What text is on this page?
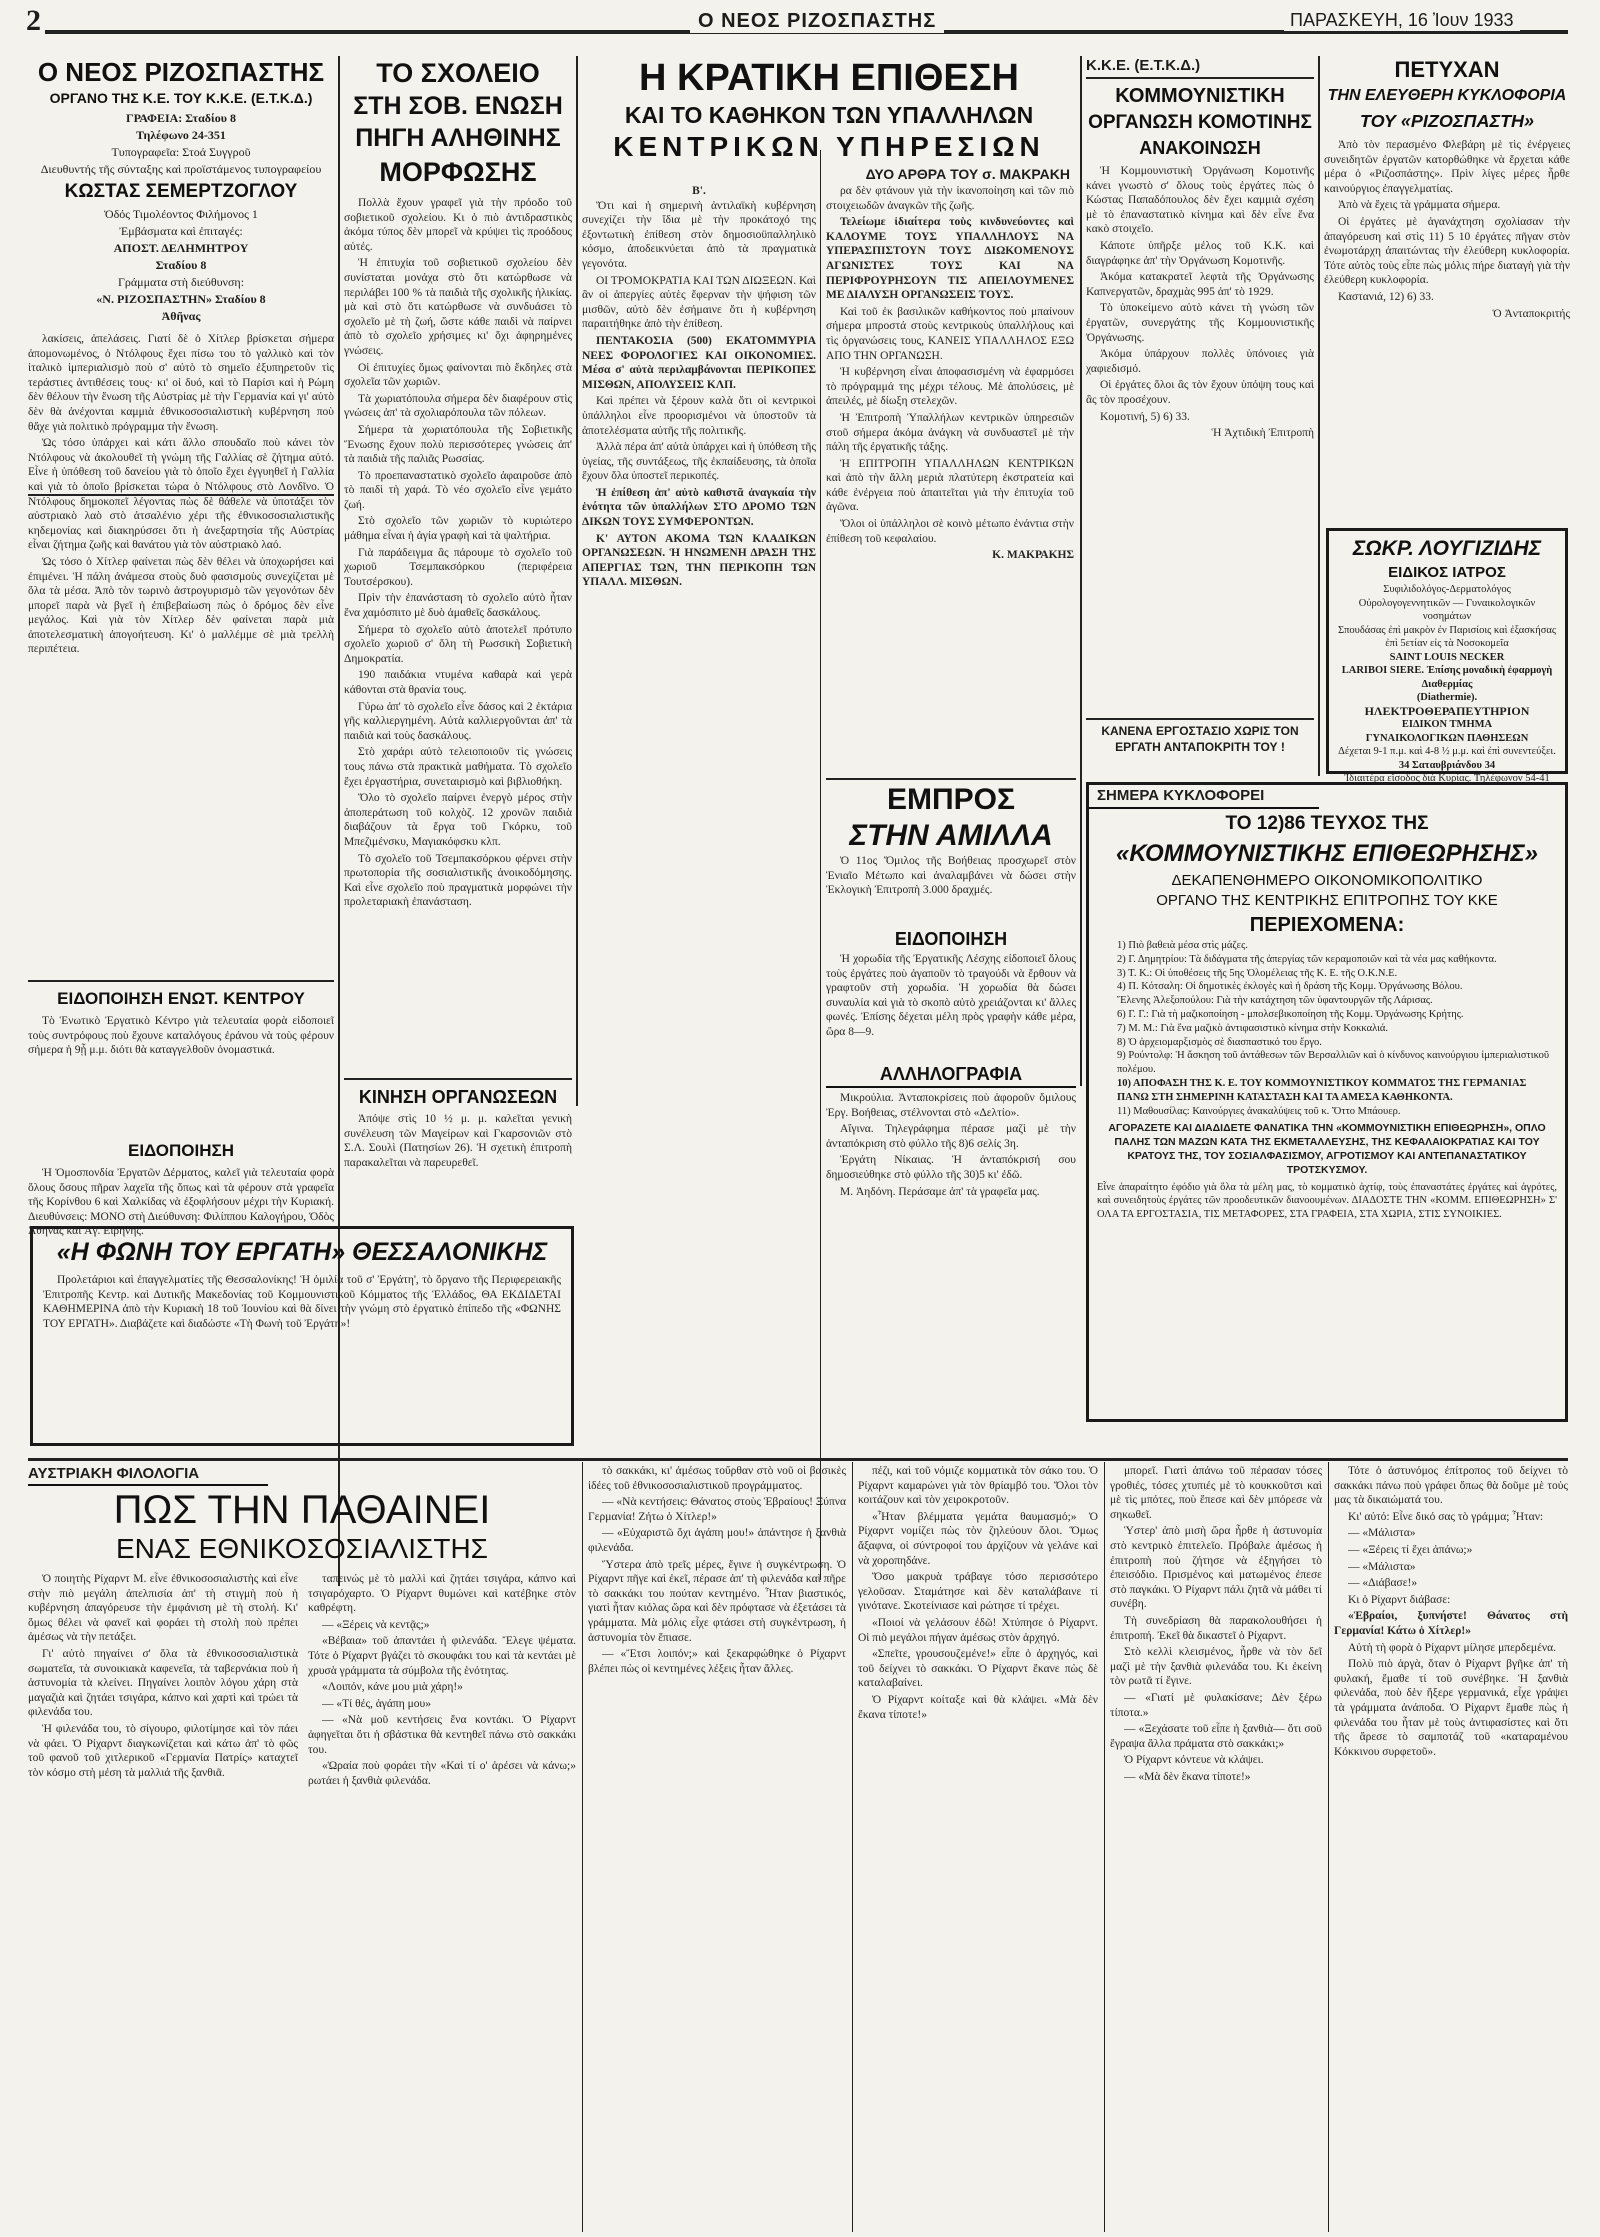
2	Ο ΝΕΟΣ ΡΙΖΟΣΠΑΣΤΗΣ	ΠΑΡΑΣΚΕΥΗ, 16 Ἰουν 1933
Ο ΝΕΟΣ ΡΙΖΟΣΠΑΣΤΗΣ
ΟΡΓΑΝΟ ΤΗΣ Κ.Ε. ΤΟΥ Κ.Κ.Ε. (Ε.Τ.Κ.Δ.)
ΓΡΑΦΕΙΑ: Σταδίου 8
Τηλέφωνο 24-351
Τυπογραφεῖα: Στοά Συγγροῦ
Διευθυντής τῆς σύνταξης καὶ προϊστάμενος τυπογραφείου
ΚΩΣΤΑΣ ΣΕΜΕΡΤΖΟΓΛΟΥ
Ὁδός Τιμολέοντος Φιλήμονος 1
Ἐμβάσματα καὶ ἐπιταγές:
ΑΠΟΣΤ. ΔΕΛΗΜΗΤΡΟΥ
Σταδίου 8
Γράμματα στὴ διεύθυνση:
«Ν. ΡΙΖΟΣΠΑΣΤΗΝ» Σταδίου 8
Ἀθῆνας

λακίσεις, ἀπελάσεις. Γιατί δὲ ὁ Χίτλερ βρίσκεται σήμερα ἀπομονωμένος, ὁ Ντόλφους ἔχει πίσω του τὸ γαλλικὸ καὶ τὸν ἰταλικὸ ἰμπεριαλισμὸ ποὺ σ' αὐτὸ τὸ σημεῖο ἐξυπηρετοῦν τὶς τεράστιες ἀντιθέσεις τους· κι' οἱ δυό, καὶ τὸ Παρίσι καὶ ἡ Ρώμη δὲν θέλουν τὴν ἕνωση τῆς Αὐστρίας μὲ τὴν Γερμανία καὶ γι' αὐτὸ δὲν θὰ ἀνέχονται καμμιὰ ἐθνικοσοσιαλιστικὴ κυβέρνηση ποὺ θἄχε γιὰ πολιτικὸ πρόγραμμα τὴν ἕνωση.

Ὡς τόσο ὑπάρχει καὶ κάτι ἄλλο σπουδαῖο ποὺ κάνει τὸν Ντόλφους νὰ ἀκολουθεῖ τὴ γνώμη τῆς Γαλλίας σὲ ζήτημα αὐτό. Εἶνε ἡ ὑπόθεση τοῦ δανείου γιὰ τὸ ὁποῖο ἔχει ἐγγυηθεῖ ἡ Γαλλία καὶ γιὰ τὸ ὁποῖο βρίσκεται τώρα ὁ Ντόλφους στὸ Λονδῖνο. Ὁ Ντόλφους δημοκοπεῖ λέγοντας πὼς δὲ θάθελε νὰ ὑποτάξει τὸν αὐστριακὸ λαὸ στὸ ἀτσαλένιο χέρι τῆς ἐθνικοσοσιαλιστικῆς κηδεμονίας καὶ διακηρύσσει ὅτι ἡ ἀνεξαρτησία τῆς Αὐστρίας εἶναι ζήτημα ζωῆς καὶ θανάτου γιὰ τὸν αὐστριακὸ λαό.

Ὡς τόσο ὁ Χίτλερ φαίνεται πὼς δὲν θέλει νὰ ὑποχωρήσει καὶ ἐπιμένει. Ἡ πάλη ἀνάμεσα στοὺς δυὸ φασισμοὺς συνεχίζεται μὲ ὅλα τὰ μέσα. Ἀπὸ τὸν τωρινὸ ἀστρογυρισμὸ τῶν γεγονότων δὲν μπορεῖ παρὰ νὰ βγεῖ ἡ ἐπιβεβαίωση πὼς ὁ δρόμος δὲν εἶνε μεγάλος. Καὶ γιὰ τὸν Χίτλερ δὲν φαίνεται παρὰ μιὰ ἀποτελεσματικὴ ἀπογοήτευση. Κι' ὁ μαλλέμμε σὲ μιὰ τρελλὴ περιπέτεια.

ΕΙΔΟΠΟΙΗΣΗ ΕΝΩΤ. ΚΕΝΤΡΟΥ
Τὸ Ἑνωτικὸ Ἐργατικὸ Κέντρο γιὰ τελευταία φορὰ εἰδοποιεῖ τοὺς συντρόφους ποὺ ἔχουνε καταλόγους ἐράνου νὰ τοὺς φέρουν σήμερα ἡ 9ᾗ μ.μ. διότι θὰ καταγγελθοῦν ὀνομαστικά.
ΕΙΔΟΠΟΙΗΣΗ
Ἡ Ὁμοσπονδία Ἐργατῶν Δέρματος, καλεῖ γιὰ τελευταία φορὰ ὅλους ὅσους πῆραν λαχεῖα τῆς ὅπως καὶ τὰ φέρουν στὰ γραφεῖα τῆς Κορίνθου 6 καὶ Χαλκίδας νὰ ἐξοφλήσουν μέχρι τὴν Κυριακή. Διευθύνσεις: ΜΟΝΟ στὴ Διεύθυνση: Φιλίππου Καλογήρου, Ὁδὸς Ἀθηνᾶς καὶ Ἀγ. Εἰρήνης.
ΤΟ ΣΧΟΛΕΙΟ
ΣΤΗ ΣΟΒ. ΕΝΩΣΗ
ΠΗΓΗ ΑΛΗΘΙΝΗΣ
ΜΟΡΦΩΣΗΣ

Πολλὰ ἔχουν γραφεῖ γιὰ τὴν πρόοδο τοῦ σοβιετικοῦ σχολείου. Κι ὁ πιὸ ἀντιδραστικὸς ἀκόμα τύπος δὲν μπορεῖ νὰ κρύψει τὶς προόδους αὐτές.

Ἡ ἐπιτυχία τοῦ σοβιετικοῦ σχολείου δὲν συνίσταται μονάχα στὸ ὅτι κατώρθωσε νὰ περιλάβει 100 % τὰ παιδιὰ τῆς σχολικῆς ἡλικίας. μὰ καὶ στὸ ὅτι κατώρθωσε νὰ συνδυάσει τὸ σχολεῖο μὲ τὴ ζωή, ὥστε κάθε παιδὶ νὰ παίρνει ἀπὸ τὸ σχολεῖο χρήσιμες κι' ὄχι ἀφηρημένες γνώσεις.

Οἱ ἐπιτυχίες ὅμως φαίνονται πιὸ ἔκδηλες στὰ σχολεῖα τῶν χωριῶν.

Τὰ χωριατόπουλα σήμερα δὲν διαφέρουν στὶς γνώσεις ἀπ' τὰ σχολιαρόπουλα τῶν πόλεων.

Σήμερα τὰ χωριατόπουλα τῆς Σοβιετικῆς Ἕνωσης ἔχουν πολὺ περισσότερες γνώσεις ἀπ' τὰ παιδιὰ τῆς παλιᾶς Ρωσσίας.

Τὸ προεπαναστατικὸ σχολεῖο ἀφαιροῦσε ἀπὸ τὸ παιδὶ τὴ χαρά. Τὸ νέο σχολεῖο εἶνε γεμάτο ζωή.

Στὸ σχολεῖο τῶν χωριῶν τὸ κυριώτερο μάθημα εἶναι ἡ ἁγία γραφὴ καὶ τὰ ψαλτήρια.

Γιὰ παράδειγμα ἂς πάρουμε τὸ σχολεῖο τοῦ χωριοῦ Τσεμπακσόρκου (περιφέρεια Τουτσέρσκου).

Πρὶν τὴν ἐπανάσταση τὸ σχολεῖο αὐτὸ ἦταν ἕνα χαμόσπιτο μὲ δυὸ ἀμαθεῖς δασκάλους.

Σήμερα τὸ σχολεῖο αὐτὸ ἀποτελεῖ πρότυπο σχολεῖο χωριοῦ σ' ὅλη τὴ Ρωσσικὴ Σοβιετικὴ Δημοκρατία.

190 παιδάκια ντυμένα καθαρὰ καὶ γερὰ κάθονται στὰ θρανία τους.

Γύρω ἀπ' τὸ σχολεῖο εἶνε δάσος καὶ 2 ἐκτάρια γῆς καλλιεργημένη. Αὐτὰ καλλιεργοῦνται ἀπ' τὰ παιδιὰ καὶ τοὺς δασκάλους.

Στὸ χαράρι αὐτὸ τελειοποιοῦν τὶς γνώσεις τους πάνω στὰ πρακτικὰ μαθήματα. Τὸ σχολεῖο ἔχει ἐργαστήρια, συνεταιρισμὸ καὶ βιβλιοθήκη.

Ὅλο τὸ σχολεῖο παίρνει ἐνεργὸ μέρος στὴν ἀποπεράτωση τοῦ κολχὸζ. 12 χρονῶν παιδιὰ διαβάζουν τὰ ἔργα τοῦ Γκόρκυ, τοῦ Μπεζιμένσκυ, Μαγιακόφσκυ κλπ.

Τὸ σχολεῖο τοῦ Τσεμπακσόρκου φέρνει στὴν πρωτοπορία τῆς σοσιαλιστικῆς ἀνοικοδόμησης. Καὶ εἶνε σχολεῖο ποὺ πραγματικὰ μορφώνει τὴν προλεταριακὴ ἐπανάσταση.

ΚΙΝΗΣΗ ΟΡΓΑΝΩΣΕΩΝ
Ἀπόψε στὶς 10 ½ μ. μ. καλεῖται γενικὴ συνέλευση τῶν Μαγείρων καὶ Γκαρσονιῶν στὸ Σ.Λ. Σουλὶ (Πατησίων 26). Ἡ σχετικὴ ἐπιτροπὴ παρακαλεῖται νὰ παρευρεθεῖ.
«Η ΦΩΝΗ ΤΟΥ ΕΡΓΑΤΗ» ΘΕΣΣΑΛΟΝΙΚΗΣ
Προλετάριοι καὶ ἐπαγγελματίες τῆς Θεσσαλονίκης! Ἡ ὁμιλία τοῦ σ' Ἐργάτη', τὸ ὄργανο τῆς Περιφερειακῆς Ἐπιτροπῆς Κεντρ. καὶ Δυτικῆς Μακεδονίας τοῦ Κομμουνιστικοῦ Κόμματος τῆς Ἑλλάδος, ΘΑ ΕΚΔΙΔΕΤΑΙ ΚΑΘΗΜΕΡΙΝΑ ἀπὸ τὴν Κυριακὴ 18 τοῦ Ἰουνίου καὶ θὰ δίνει τὴν γνώμη στὸ ἐργατικὸ ἐπίπεδο τῆς «ΦΩΝΗΣ ΤΟΥ ΕΡΓΑΤΗ». Διαβάζετε καὶ διαδώστε «Τὴ Φωνὴ τοῦ Ἐργάτη»!
Η ΚΡΑΤΙΚΗ ΕΠΙΘΕΣΗ
ΚΑΙ ΤΟ ΚΑΘΗΚΟΝ ΤΩΝ ΥΠΑΛΛΗΛΩΝ
ΚΕΝΤΡΙΚΩΝ ΥΠΗΡΕΣΙΩΝ
ΔΥΟ ΑΡΘΡΑ ΤΟΥ σ. ΜΑΚΡΑΚΗ
Β'.

Ὅτι καὶ ἡ σημερινὴ ἀντιλαϊκὴ κυβέρνηση συνεχίζει τὴν ἴδια μὲ τὴν προκάτοχό της ἐξοντωτικὴ ἐπίθεση στὸν δημοσιοϋπαλληλικὸ κόσμο, ἀποδεικνύεται ἀπὸ τὰ πραγματικὰ γεγονότα.

ΟΙ ΤΡΟΜΟΚΡΑΤΙΑ ΚΑΙ ΤΩΝ ΔΙΩΞΕΩΝ. Καὶ ἂν οἱ ἀπεργίες αὐτὲς ἔφερναν τὴν ψήφιση τῶν μισθῶν, αὐτὸ δὲν ἐσήμαινε ὅτι ἡ κυβέρνηση παραιτήθηκε ἀπὸ τὴν ἐπίθεση.

ΠΕΝΤΑΚΟΣΙΑ (500) ΕΚΑΤΟΜΜΥΡΙΑ ΝΕΕΣ ΦΟΡΟΛΟΓΙΕΣ ΚΑΙ ΟΙΚΟΝΟΜΙΕΣ. Μέσα σ' αὐτὰ περιλαμβάνονται ΠΕΡΙΚΟΠΕΣ ΜΙΣΘΩΝ, ΑΠΟΛΥΣΕΙΣ ΚΛΠ.

Καὶ πρέπει νὰ ξέρουν καλὰ ὅτι οἱ κεντρικοὶ ὑπάλληλοι εἶνε προορισμένοι νὰ ὑποστοῦν τὰ ἀποτελέσματα αὐτῆς τῆς πολιτικῆς.

Ἀλλὰ πέρα ἀπ' αὐτὰ ὑπάρχει καὶ ἡ ὑπόθεση τῆς ὑγείας, τῆς συντάξεως, τῆς ἐκπαίδευσης, τὰ ὁποῖα ἔχουν ὅλα ὑποστεῖ περικοπές.

Ἡ ἐπίθεση ἀπ' αὐτὸ καθιστᾶ ἀναγκαία τὴν ἑνότητα τῶν ὑπαλλήλων ΣΤΟ ΔΡΟΜΟ ΤΩΝ ΔΙΚΩΝ ΤΟΥΣ ΣΥΜΦΕΡΟΝΤΩΝ.

Κ' ΑΥΤΟΝ ΑΚΟΜΑ ΤΩΝ ΚΛΑΔΙΚΩΝ ΟΡΓΑΝΩΣΕΩΝ. Ἡ ΗΝΩΜΕΝΗ ΔΡΑΣΗ ΤΗΣ ΑΠΕΡΓΙΑΣ ΤΩΝ, ΤΗΝ ΠΕΡΙΚΟΠΗ ΤΩΝ ΥΠΑΛΛ. ΜΙΣΘΩΝ.

ρα δὲν φτάνουν γιὰ τὴν ἱκανοποίηση καὶ τῶν πιὸ στοιχειωδῶν ἀναγκῶν τῆς ζωῆς.

Τελείωμε ἰδιαίτερα τοὺς κινδυνεύοντες καὶ ΚΑΛΟΥΜΕ ΤΟΥΣ ΥΠΑΛΛΗΛΟΥΣ ΝΑ ΥΠΕΡΑΣΠΙΣΤΟΥΝ ΤΟΥΣ ΔΙΩΚΟΜΕΝΟΥΣ ΑΓΩΝΙΣΤΕΣ ΤΟΥΣ ΚΑΙ ΝΑ ΠΕΡΙΦΡΟΥΡΗΣΟΥΝ ΤΙΣ ΑΠΕΙΛΟΥΜΕΝΕΣ ΜΕ ΔΙΑΛΥΣΗ ΟΡΓΑΝΩΣΕΙΣ ΤΟΥΣ.

Καὶ τοῦ ἐκ βασιλικῶν καθήκοντος ποὺ μπαίνουν σήμερα μπροστά στοὺς κεντρικοὺς ὑπαλλήλους καὶ τὶς ὀργανώσεις τους, ΚΑΝΕΙΣ ΥΠΑΛΛΗΛΟΣ ΕΞΩ ΑΠΟ ΤΗΝ ΟΡΓΑΝΩΣΗ.

Ἡ κυβέρνηση εἶναι ἀποφασισμένη νὰ ἐφαρμόσει τὸ πρόγραμμά της μέχρι τέλους. Μὲ ἀπολύσεις, μὲ ἀπειλές, μὲ δίωξη στελεχῶν.

Ἡ Ἐπιτροπὴ Ὑπαλλήλων κεντρικῶν ὑπηρεσιῶν στοῦ σήμερα ἀκόμα ἀνάγκη νὰ συνδυαστεῖ μὲ τὴν πάλη τῆς ἐργατικῆς τάξης.

Ἡ ΕΠΙΤΡΟΠΗ ΥΠΑΛΛΗΛΩΝ ΚΕΝΤΡΙΚΩΝ καὶ ἀπὸ τὴν ἄλλη μεριὰ πλατύτερη ἐκστρατεία καὶ κάθε ἐνέργεια ποὺ ἀπαιτεῖται γιὰ τὴν ἐπιτυχία τοῦ ἀγῶνα.

Ὅλοι οἱ ὑπάλληλοι σὲ κοινὸ μέτωπο ἐνάντια στὴν ἐπίθεση τοῦ κεφαλαίου.

Κ. ΜΑΚΡΑΚΗΣ

ΕΜΠΡΟΣ
ΣΤΗΝ ΑΜΙΛΛΑ
Ὁ 11ος Ὅμιλος τῆς Βοήθειας προσχωρεῖ στὸν Ἑνιαῖο Μέτωπο καὶ ἀναλαμβάνει νὰ δώσει στὴν Ἐκλογικὴ Ἐπιτροπὴ 3.000 δραχμές.
ΕΙΔΟΠΟΙΗΣΗ
Ἡ χορωδία τῆς Ἐργατικῆς Λέσχης εἰδοποιεῖ ὅλους τοὺς ἐργάτες ποὺ ἀγαποῦν τὸ τραγούδι νὰ ἔρθουν νὰ γραφτοῦν στὴ χορωδία. Ἡ χορωδία θὰ δώσει συναυλία καὶ γιὰ τὸ σκοπὸ αὐτὸ χρειάζονται κι' ἄλλες φωνές. Ἐπίσης δέχεται μέλη πρὸς γραφὴν κάθε μέρα, ὥρα 8—9.
ΑΛΛΗΛΟΓΡΑΦΙΑ

Μικρούλια. Ἀνταποκρίσεις ποὺ ἀφοροῦν ὅμιλους Ἐργ. Βοήθειας, στέλνονται στὸ «Δελτίο».

Αἴγινα. Τηλεγράφημα πέρασε μαζὶ μὲ τὴν ἀνταπόκριση στὸ φύλλο τῆς 8)6 σελίς 3η.

Ἐργάτη Νίκαιας. Ἡ ἀνταπόκρισή σου δημοσιεύθηκε στὸ φύλλο τῆς 30)5 κι' ἐδῶ.

Μ. Ἀηδόνη. Περάσαμε ἀπ' τὰ γραφεῖα μας.

Κ.Κ.Ε. (Ε.Τ.Κ.Δ.)
ΚΟΜΜΟΥΝΙΣΤΙΚΗ
ΟΡΓΑΝΩΣΗ ΚΟΜΟΤΙΝΗΣ
ΑΝΑΚΟΙΝΩΣΗ

Ἡ Κομμουνιστικὴ Ὀργάνωση Κομοτινῆς κάνει γνωστὸ σ' ὅλους τοὺς ἐργάτες πὼς ὁ Κώστας Παπαδόπουλος δὲν ἔχει καμμιὰ σχέση μὲ τὸ ἐπαναστατικὸ κίνημα καὶ δὲν εἶνε ἕνα κακὸ στοιχεῖο.

Κάποτε ὑπῆρξε μέλος τοῦ Κ.Κ. καὶ διαγράφηκε ἀπ' τὴν Ὀργάνωση Κομοτινῆς.

Ἀκόμα κατακρατεῖ λεφτὰ τῆς Ὀργάνωσης Καπνεργατῶν, δραχμὰς 995 ἀπ' τὸ 1929.

Τὸ ὑποκείμενο αὐτὸ κάνει τὴ γνώση τῶν ἐργατῶν, συνεργάτης τῆς Κομμουνιστικῆς Ὀργάνωσης.

Ἀκόμα ὑπάρχουν πολλὲς ὑπόνοιες γιὰ χαφιεδισμό.

Οἱ ἐργάτες ὅλοι ἂς τὸν ἔχουν ὑπόψη τους καὶ ἂς τὸν προσέχουν.

Κομοτινή, 5) 6) 33.

Ἡ Ἀχτιδικὴ Ἐπιτροπὴ

ΚΑΝΕΝΑ ΕΡΓΟΣΤΑΣΙΟ ΧΩΡΙΣ ΤΟΝ ΕΡΓΑΤΗ ΑΝΤΑΠΟΚΡΙΤΗ ΤΟΥ !
ΠΕΤΥΧΑΝ
ΤΗΝ ΕΛΕΥΘΕΡΗ ΚΥΚΛΟΦΟΡΙΑ
ΤΟΥ «ΡΙΖΟΣΠΑΣΤΗ»

Ἀπὸ τὸν περασμένο Φλεβάρη μὲ τὶς ἐνέργειες συνειδητῶν ἐργατῶν κατορθώθηκε νὰ ἔρχεται κάθε μέρα ὁ «Ριζοσπάστης». Πρὶν λίγες μέρες ἦρθε καινούργιος ἐπαγγελματίας.

Ἀπὸ νὰ ἔχεις τὰ γράμματα σήμερα.

Οἱ ἐργάτες μὲ ἀγανάχτηση σχολίασαν τὴν ἀπαγόρευση καὶ στὶς 11) 5 10 ἐργάτες πῆγαν στὸν ἐνωμοτάρχη ἀπαιτώντας τὴν ἐλεύθερη κυκλοφορία. Τότε αὐτὸς τοὺς εἶπε πὼς μόλις πήρε διαταγὴ γιὰ τὴν ἐλεύθερη κυκλοφορία.

Καστανιά, 12) 6) 33.

Ὁ Ἀνταποκριτής

ΣΩΚΡ. ΛΟΥΓΙΖΙΔΗΣ
ΕΙΔΙΚΟΣ ΙΑΤΡΟΣ
Συφιλιδολόγος-Δερματολόγος
Οὐρολογογεννητικῶν — Γυναικολογικῶν νοσημάτων
Σπουδάσας ἐπὶ μακρὸν ἐν Παρισίοις καὶ ἐξασκήσας ἐπὶ 5ετίαν εἰς τὰ Νοσοκομεῖα
SAINT LOUIS NECKER
LARIBOI SIERE. Ἐπίσης μοναδικὴ ἐφαρμογὴ Διαθερμίας
(Diathermie).
ΗΛΕΚΤΡΟΘΕΡΑΠΕΥΤΗΡΙΟΝ
ΕΙΔΙΚΟΝ ΤΜΗΜΑ
ΓΥΝΑΙΚΟΛΟΓΙΚΩΝ ΠΑΘΗΣΕΩΝ
Δέχεται 9-1 π.μ. καὶ 4-8 ½ μ.μ. καὶ ἐπὶ συνεντεύξει.
34 Σαταυβριάνδου 34
Ἰδιαιτέρα εἴσοδος διὰ Κυρίας. Τηλέφωνον 54-41
ΣΗΜΕΡΑ ΚΥΚΛΟΦΟΡΕΙ
ΤΟ 12)86 ΤΕΥΧΟΣ ΤΗΣ
«ΚΟΜΜΟΥΝΙΣΤΙΚΗΣ ΕΠΙΘΕΩΡΗΣΗΣ»
ΔΕΚΑΠΕΝΘΗΜΕΡΟ ΟΙΚΟΝΟΜΙΚΟΠΟΛΙΤΙΚΟ
ΟΡΓΑΝΟ ΤΗΣ ΚΕΝΤΡΙΚΗΣ ΕΠΙΤΡΟΠΗΣ ΤΟΥ ΚΚΕ
ΠΕΡΙΕΧΟΜΕΝΑ:
1) Πιὸ βαθειὰ μέσα στὶς μάζες.
2) Γ. Δημητρίου: Τὰ διδάγματα τῆς ἀπεργίας τῶν κεραμοποιῶν καὶ τὰ νέα μας καθήκοντα.
3) Τ. Κ.: Οἱ ὑποθέσεις τῆς 5ης Ὁλομέλειας τῆς Κ. Ε. τῆς Ο.Κ.Ν.Ε.
4) Π. Κότσαλη: Οἱ δημοτικὲς ἐκλογὲς καὶ ἡ δράση τῆς Κομμ. Ὀργάνωσης Βόλου.
Ἕλενης Ἀλεξοπούλου: Γιὰ τὴν κατάχτηση τῶν ὑφαντουργῶν τῆς Λάρισας.
6) Γ. Γ.: Γιὰ τὴ μαζικοποίηση - μπολσεβικοποίηση τῆς Κομμ. Ὀργάνωσης Κρήτης.
7) Μ. Μ.: Γιὰ ἕνα μαζικὸ ἀντιφασιστικὸ κίνημα στὴν Κοκκαλιά.
8) Ὁ ἀρχειομαρξισμὸς σὲ διασπαστικό του ἔργο.
9) Ρούντολφ: Ἡ ἄσκηση τοῦ ἀντάθεσων τῶν Βερσαλλιῶν καὶ ὁ κίνδυνος καινούργιου ἰμπεριαλιστικοῦ πολέμου.
10) ΑΠΟΦΑΣΗ ΤΗΣ Κ. Ε. ΤΟΥ ΚΟΜΜΟΥΝΙΣΤΙΚΟΥ ΚΟΜΜΑΤΟΣ ΤΗΣ ΓΕΡΜΑΝΙΑΣ ΠΑΝΩ ΣΤΗ ΣΗΜΕΡΙΝΗ ΚΑΤΑΣΤΑΣΗ ΚΑΙ ΤΑ ΑΜΕΣΑ ΚΑΘΗΚΟΝΤΑ.
11) Μαθουσίλας: Καινούργιες ἀνακαλύψεις τοῦ κ. Ὄττο Μπάουερ.
ΑΓΟΡΑΖΕΤΕ ΚΑΙ ΔΙΑΔΙΔΕΤΕ ΦΑΝΑΤΙΚΑ ΤΗΝ «ΚΟΜΜΟΥΝΙΣΤΙΚΗ ΕΠΙΘΕΩΡΗΣΗ», ΟΠΛΟ ΠΑΛΗΣ ΤΩΝ ΜΑΖΩΝ ΚΑΤΑ ΤΗΣ ΕΚΜΕΤΑΛΛΕΥΣΗΣ, ΤΗΣ ΚΕΦΑΛΑΙΟΚΡΑΤΙΑΣ ΚΑΙ ΤΟΥ ΚΡΑΤΟΥΣ ΤΗΣ, ΤΟΥ ΣΟΣΙΑΛΦΑΣΙΣΜΟΥ, ΑΓΡΟΤΙΣΜΟΥ ΚΑΙ ΑΝΤΕΠΑΝΑΣΤΑΤΙΚΟΥ ΤΡΟΤΣΚΥΣΜΟΥ.
Εἶνε ἀπαραίτητο ἐφόδιο γιὰ ὅλα τὰ μέλη μας, τὸ κομματικὸ ἀχτίφ, τοὺς ἐπαναστάτες ἐργάτες καὶ ἀγρότες, καὶ συνειδητοὺς ἐργάτες τῶν προοδευτικῶν διανοουμένων. ΔΙΑΔΟΣΤΕ ΤΗΝ «ΚΟΜΜ. ΕΠΙΘΕΩΡΗΣΗ» Σ' ΟΛΑ ΤΑ ΕΡΓΟΣΤΑΣΙΑ, ΤΙΣ ΜΕΤΑΦΟΡΕΣ, ΣΤΑ ΓΡΑΦΕΙΑ, ΣΤΑ ΧΩΡΙΑ, ΣΤΙΣ ΣΥΝΟΙΚΙΕΣ.
ΑΥΣΤΡΙΑΚΗ ΦΙΛΟΛΟΓΙΑ
ΠΩΣ ΤΗΝ ΠΑΘΑΙΝΕΙ
ΕΝΑΣ ΕΘΝΙΚΟΣΟΣΙΑΛΙΣΤΗΣ

Ὁ ποιητὴς Ρίχαρντ Μ. εἶνε ἐθνικοσοσιαλιστὴς καὶ εἶνε στὴν πιὸ μεγάλη ἀπελπισία ἀπ' τὴ στιγμὴ ποὺ ἡ κυβέρνηση ἀπαγόρευσε τὴν ἐμφάνιση μὲ τὴ στολή. Κι' ὅμως θέλει νὰ φανεῖ καὶ φοράει τὴ στολὴ ποὺ πρέπει ἀμέσως νὰ τὴν πετάξει.

Γι' αὐτὸ πηγαίνει σ' ὅλα τὰ ἐθνικοσοσιαλιστικὰ σωματεῖα, τὰ συνοικιακὰ καφενεῖα, τὰ ταβερνάκια ποὺ ἡ ἀστυνομία τὰ κλείνει. Πηγαίνει λοιπὸν λόγου χάρη στὰ μαγαζιὰ καὶ ζητάει τσιγάρα, κάπνο καὶ χαρτὶ καὶ τρώει τὰ φιλενάδα του.

Ἡ φιλενάδα του, τὸ σίγουρο, φιλοτίμησε καὶ τὸν πάει νὰ φάει. Ὁ Ρίχαρντ διαγκωνίζεται καὶ κάτω ἀπ' τὸ φῶς τοῦ φανοῦ τοῦ χιτλερικοῦ «Γερμανία Πατρίς» καταχτεῖ τὸν κόσμο στὴ μέση τὰ μαλλιά τῆς ξανθιᾶ.

ταπεινώς μὲ τὸ μαλλὶ καὶ ζητάει τσιγάρα, κάπνο καὶ τσιγαρόχαρτο. Ὁ Ρίχαρντ θυμώνει καὶ κατέβηκε στὸν καθρέφτη.

— «Ξέρεις νὰ κεντᾷς;»

«Βέβαια» τοῦ ἀπαντάει ἡ φιλενάδα. Ἔλεγε ψέματα. Τότε ὁ Ρίχαρντ βγάζει τὸ σκουφάκι του καὶ τὰ κεντάει μὲ χρυσὰ γράμματα τὰ σύμβολα τῆς ἑνότητας.

«Λοιπόν, κάνε μου μιὰ χάρη!»

— «Τί θές, ἀγάπη μου»

— «Νὰ μοῦ κεντήσεις ἕνα κοντάκι. Ὁ Ρίχαρντ ἀφηγεῖται ὅτι ἡ σβάστικα θὰ κεντηθεῖ πάνω στὸ σακκάκι του.

«Ὡραία ποὺ φοράει τὴν «Καὶ τί ο' ἀρέσει νὰ κάνω;» ρωτάει ἡ ξανθιὰ φιλενάδα.

τὸ σακκάκι, κι' ἀμέσως τοὔρθαν στὸ νοῦ οἱ βασικὲς ἰδέες τοῦ ἐθνικοσοσιαλιστικοῦ προγράμματος.

— «Νὰ κεντήσεις: Θάνατος στοὺς Ἑβραίους! Ξύπνα Γερμανία! Ζήτω ὁ Χίτλερ!»

— «Εὐχαριστῶ ὄχι ἀγάπη μου!» ἀπάντησε ἡ ξανθιὰ φιλενάδα.

Ὕστερα ἀπὸ τρεῖς μέρες, ἔγινε ἡ συγκέντρωση. Ὁ Ρίχαρντ πῆγε καὶ ἐκεῖ, πέρασε ἀπ' τὴ φιλενάδα καὶ πῆρε τὸ σακκάκι του πούταν κεντημένο. Ἦταν βιαστικός, γιατὶ ἦταν κιόλας ὥρα καὶ δὲν πρόφτασε νὰ ἐξετάσει τὰ γράμματα. Μὰ μόλις εἶχε φτάσει στὴ συγκέντρωση, ἡ ἀστυνομία τὸν ἔπιασε.

— «Ἔτσι λοιπόν;» καὶ ξεκαρφώθηκε ὁ Ρίχαρντ βλέπει πὼς οἱ κεντημένες λέξεις ἦταν ἄλλες.

πέζι, καὶ τοῦ νόμιζε κομματικὰ τὸν σάκο του. Ὁ Ρίχαρντ καμαρώνει γιὰ τὸν θρίαμβό του. Ὅλοι τὸν κοιτάζουν καὶ τὸν χειροκροτοῦν.

«Ἦταν βλέμματα γεμάτα θαυμασμό;» Ὁ Ρίχαρντ νομίζει πὼς τὸν ζηλεύουν ὅλοι. Ὅμως ἄξαφνα, οἱ σύντροφοί του ἀρχίζουν νὰ γελάνε καὶ νὰ χοροπηδάνε.

Ὅσο μακρυὰ τράβαγε τόσο περισσότερο γελοῦσαν. Σταμάτησε καὶ δὲν καταλάβαινε τί γινότανε. Σκοτείνιασε καὶ ρώτησε τί τρέχει.

«Ποιοί νὰ γελάσουν ἐδῶ! Χτύπησε ὁ Ρίχαρντ. Οἱ πιὸ μεγάλοι πήγαν ἀμέσως στὸν ἀρχηγό.

«Σπεῖτε, γρουσουζεμένε!» εἶπε ὁ ἀρχηγός, καὶ τοῦ δείχνει τὸ σακκάκι. Ὁ Ρίχαρντ ἔκανε πὼς δὲ καταλαβαίνει.

Ὁ Ρίχαρντ κοίταξε καὶ θὰ κλάψει. «Μὰ δὲν ἔκανα τίποτε!»

μπορεῖ. Γιατὶ ἀπάνω τοῦ πέρασαν τόσες γροθιές, τόσες χτυπιές μὲ τὸ κουκκοῦτσι καὶ μὲ τὶς μπότες, ποὺ ἔπεσε καὶ δὲν μπόρεσε νὰ σηκωθεῖ.

Ὑστερ' ἀπὸ μισὴ ὥρα ἦρθε ἡ ἀστυνομία στὸ κεντρικὸ ἐπιτελεῖο. Πρόβαλε ἀμέσως ἡ ἐπιτροπὴ ποὺ ζήτησε νὰ ἐξηγήσει τὸ ἐπεισόδιο. Πρισμένος καὶ ματωμένος ἐπεσε στὸ παγκάκι. Ὁ Ρίχαρντ πάλι ζητᾶ νὰ μάθει τί συνέβη.

Τὴ συνεδρίαση θὰ παρακολουθήσει ἡ ἐπιτροπή. Ἐκεῖ θὰ δικαστεῖ ὁ Ρίχαρντ.

Στὸ κελλὶ κλεισμένος, ἦρθε νὰ τὸν δεῖ μαζὶ μὲ τὴν ξανθιὰ φιλενάδα του. Κι ἐκείνη τὸν ρωτᾶ τί ἔγινε.

— «Γιατί μὲ φυλακίσανε; Δὲν ξέρω τίποτα.»

— «Ξεχάσατε τοῦ εἶπε ἡ ξανθιὰ— ὅτι σοῦ ἔγραψα ἄλλα πράματα στὸ σακκάκι;»

Ὁ Ρίχαρντ κόντευε νὰ κλάψει.

— «Μὰ δὲν ἔκανα τίποτε!»

Τότε ὁ ἀστυνόμος ἐπίτροπος τοῦ δείχνει τὸ σακκάκι πάνω ποὺ γράφει ὅπως θὰ δοῦμε μὲ τοὐς μας τὰ δικαιώματά του.

Κι' αὐτό: Εἶνε δικό σας τὸ γράμμα; Ἦταν:

— «Μάλιστα»

— «Ξέρεις τί ἔχει ἀπάνω;»

— «Μάλιστα»

— «Διάβασε!»

Κι ὁ Ρίχαρντ διάβασε:

«Ἑβραίοι, ξυπνήστε! Θάνατος στὴ Γερμανία! Κάτω ὁ Χίτλερ!»

Αὐτὴ τὴ φορὰ ὁ Ρίχαρντ μίλησε μπερδεμένα.

Πολὺ πιὸ ἀργὰ, ὅταν ὁ Ρίχαρντ βγῆκε ἀπ' τὴ φυλακή, ἔμαθε τί τοῦ συνέβηκε. Ἡ ξανθιὰ φιλενάδα, ποὺ δὲν ἤξερε γερμανικά, εἶχε γράψει τὰ γράμματα ἀνάποδα. Ὁ Ρίχαρντ ἔμαθε πὼς ἡ φιλενάδα του ἦταν μὲ τοὺς ἀντιφασίστες καὶ ὅτι τῆς ἄρεσε τὸ σαμποτάζ τοῦ «καταραμένου Κόκκινου συρφετοῦ».
